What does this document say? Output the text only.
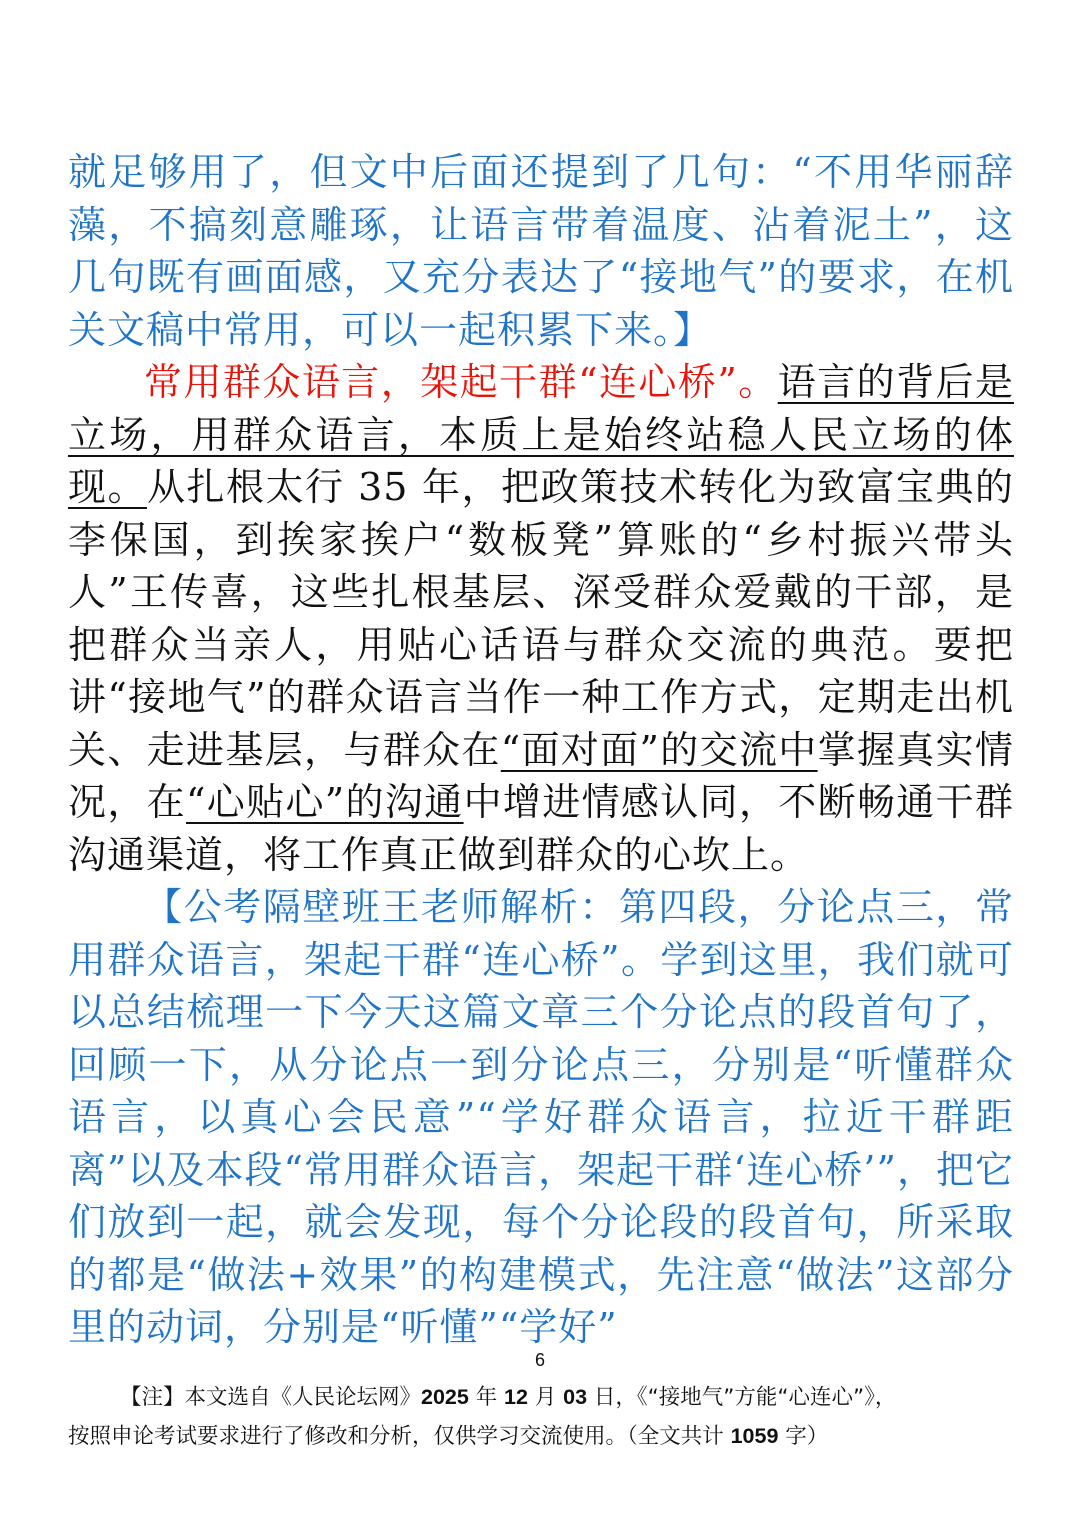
就足够用了，但文中后面还提到了几句：“不用华丽辞藻，不搞刻意雕琢，让语言带着温度、沾着泥土”，这几句既有画面感，又充分表达了“接地气”的要求，在机关文稿中常用，可以一起积累下来。】

常用群众语言，架起干群“连心桥”。语言的背后是立场，用群众语言，本质上是始终站稳人民立场的体现。从扎根太行 35 年，把政策技术转化为致富宝典的李保国，到挨家挨户“数板凳”算账的“乡村振兴带头人”王传喜，这些扎根基层、深受群众爱戴的干部，是把群众当亲人，用贴心话语与群众交流的典范。要把讲“接地气”的群众语言当作一种工作方式，定期走出机关、走进基层，与群众在“面对面”的交流中掌握真实情况，在“心贴心”的沟通中增进情感认同，不断畅通干群沟通渠道，将工作真正做到群众的心坎上。

【公考隔壁班王老师解析：第四段，分论点三，常用群众语言，架起干群“连心桥”。学到这里，我们就可以总结梳理一下今天这篇文章三个分论点的段首句了，回顾一下，从分论点一到分论点三，分别是“听懂群众语言，以真心会民意”“学好群众语言，拉近干群距离”以及本段“常用群众语言，架起干群‘连心桥’”，把它们放到一起，就会发现，每个分论段的段首句，所采取的都是“做法+效果”的构建模式，先注意“做法”这部分里的动词，分别是“听懂”“学好”

6
【注】本文选自《人民论坛网》2025 年 12 月 03 日，《“接地气”方能“心连心”》，
按照申论考试要求进行了修改和分析，仅供学习交流使用。（全文共计 1059 字）
